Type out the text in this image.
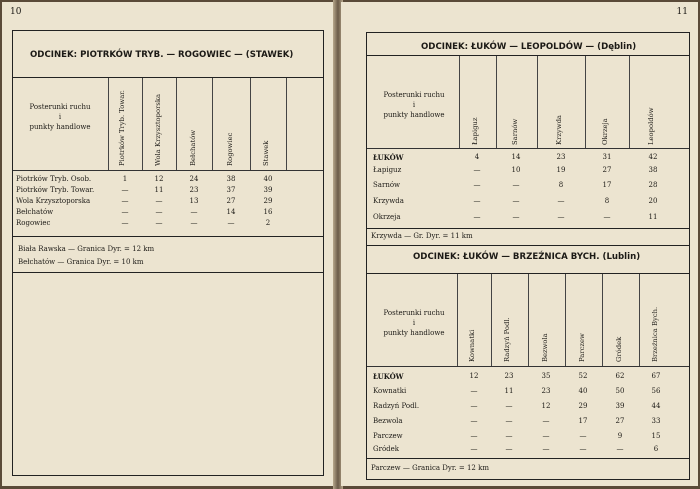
10
ODCINEK: PIOTRKÓW TRYB. — ROGOWIEC — (STAWEK)
Posterunki ruchu
i
punkty handlowe	Piotrków Tryb. Towar.	Wola Krzysztoporska	Bełchatów	Rogowiec	Stawek
Piotrków Tryb. Osob.	1	12	24	38	40
Piotrków Tryb. Towar.	—	11	23	37	39
Wola Krzysztoporska	—	—	13	27	29
Bełchatów	—	—	—	14	16
Rogowiec	—	—	—	—	2
Biała Rawska — Granica Dyr. = 12 km
Bełchatów — Granica Dyr. = 10 km
11
ODCINEK: ŁUKÓW — LEOPOLDÓW — (Dęblin)
Posterunki ruchu
i
punkty handlowe
Łapiguz	Sarnów	Krzywda	Okrzeja	Leopoldów
ŁUKÓW	4	14	23	31	42
Łapiguz	—	10	19	27	38
Sarnów	—	—	8	17	28
Krzywda	—	—	—	8	20
Okrzeja	—	—	—	—	11
Krzywda — Gr. Dyr. = 11 km
ODCINEK: ŁUKÓW — BRZEŹNICA BYCH. (Lublin)
Posterunki ruchu
i
punkty handlowe	Kownatki	Radzyń Podl.	Bezwola	Parczew	Gródek	Brzeźnica Bych.
ŁUKÓW	12	23	35	52	62	67
Kownatki	—	11	23	40	50	56
Radzyń Podl.	—	—	12	29	39	44
Bezwola	—	—	—	17	27	33
Parczew	—	—	—	—	9	15
Gródek	—	—	—	—	—	6
Parczew — Granica Dyr. = 12 km
